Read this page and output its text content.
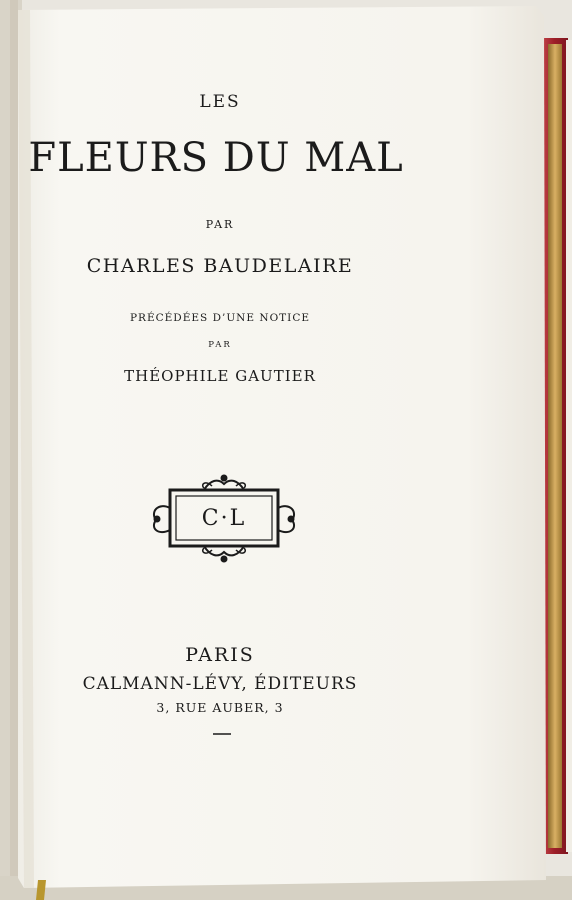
LES
FLEURS DU MAL
PAR
CHARLES BAUDELAIRE
PRÉCÉDÉES D’UNE NOTICE
PAR
THÉOPHILE GAUTIER
C·L
PARIS
CALMANN-LÉVY, ÉDITEURS
3, RUE AUBER, 3
